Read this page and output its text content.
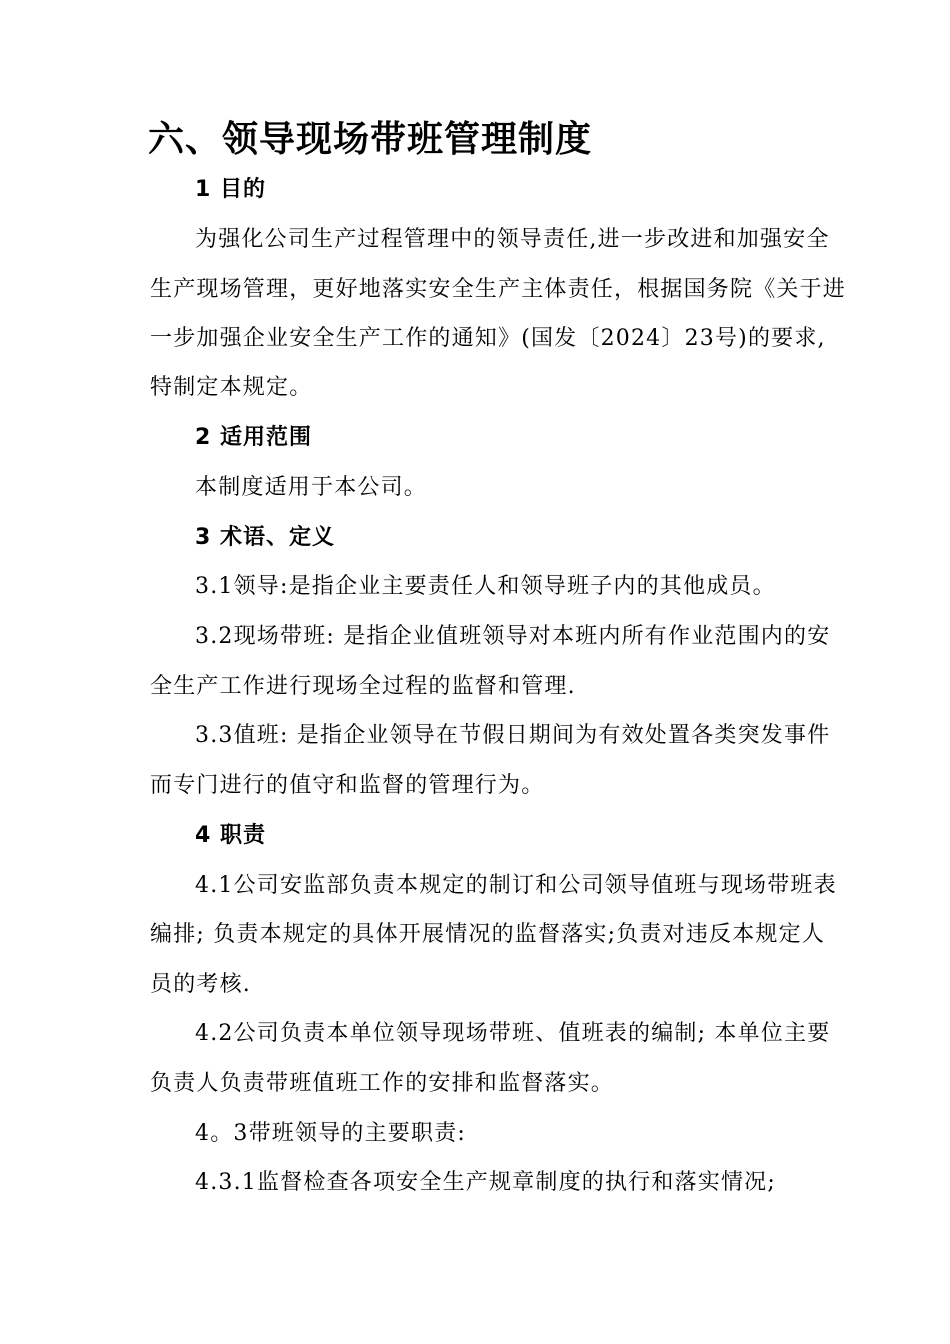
六、领导现场带班管理制度
1 目的
为强化公司生产过程管理中的领导责任,进一步改进和加强安全
生产现场管理，更好地落实安全生产主体责任，根据国务院《关于进
一步加强企业安全生产工作的通知》(国发〔2024〕23号)的要求,
特制定本规定。
2 适用范围
本制度适用于本公司。
3 术语、定义
3.1领导:是指企业主要责任人和领导班子内的其他成员。
3.2现场带班: 是指企业值班领导对本班内所有作业范围内的安
全生产工作进行现场全过程的监督和管理.
3.3值班: 是指企业领导在节假日期间为有效处置各类突发事件
而专门进行的值守和监督的管理行为。
4 职责
4.1公司安监部负责本规定的制订和公司领导值班与现场带班表
编排; 负责本规定的具体开展情况的监督落实;负责对违反本规定人
员的考核.
4.2公司负责本单位领导现场带班、值班表的编制; 本单位主要
负责人负责带班值班工作的安排和监督落实。
4。3带班领导的主要职责:
4.3.1监督检查各项安全生产规章制度的执行和落实情况;
